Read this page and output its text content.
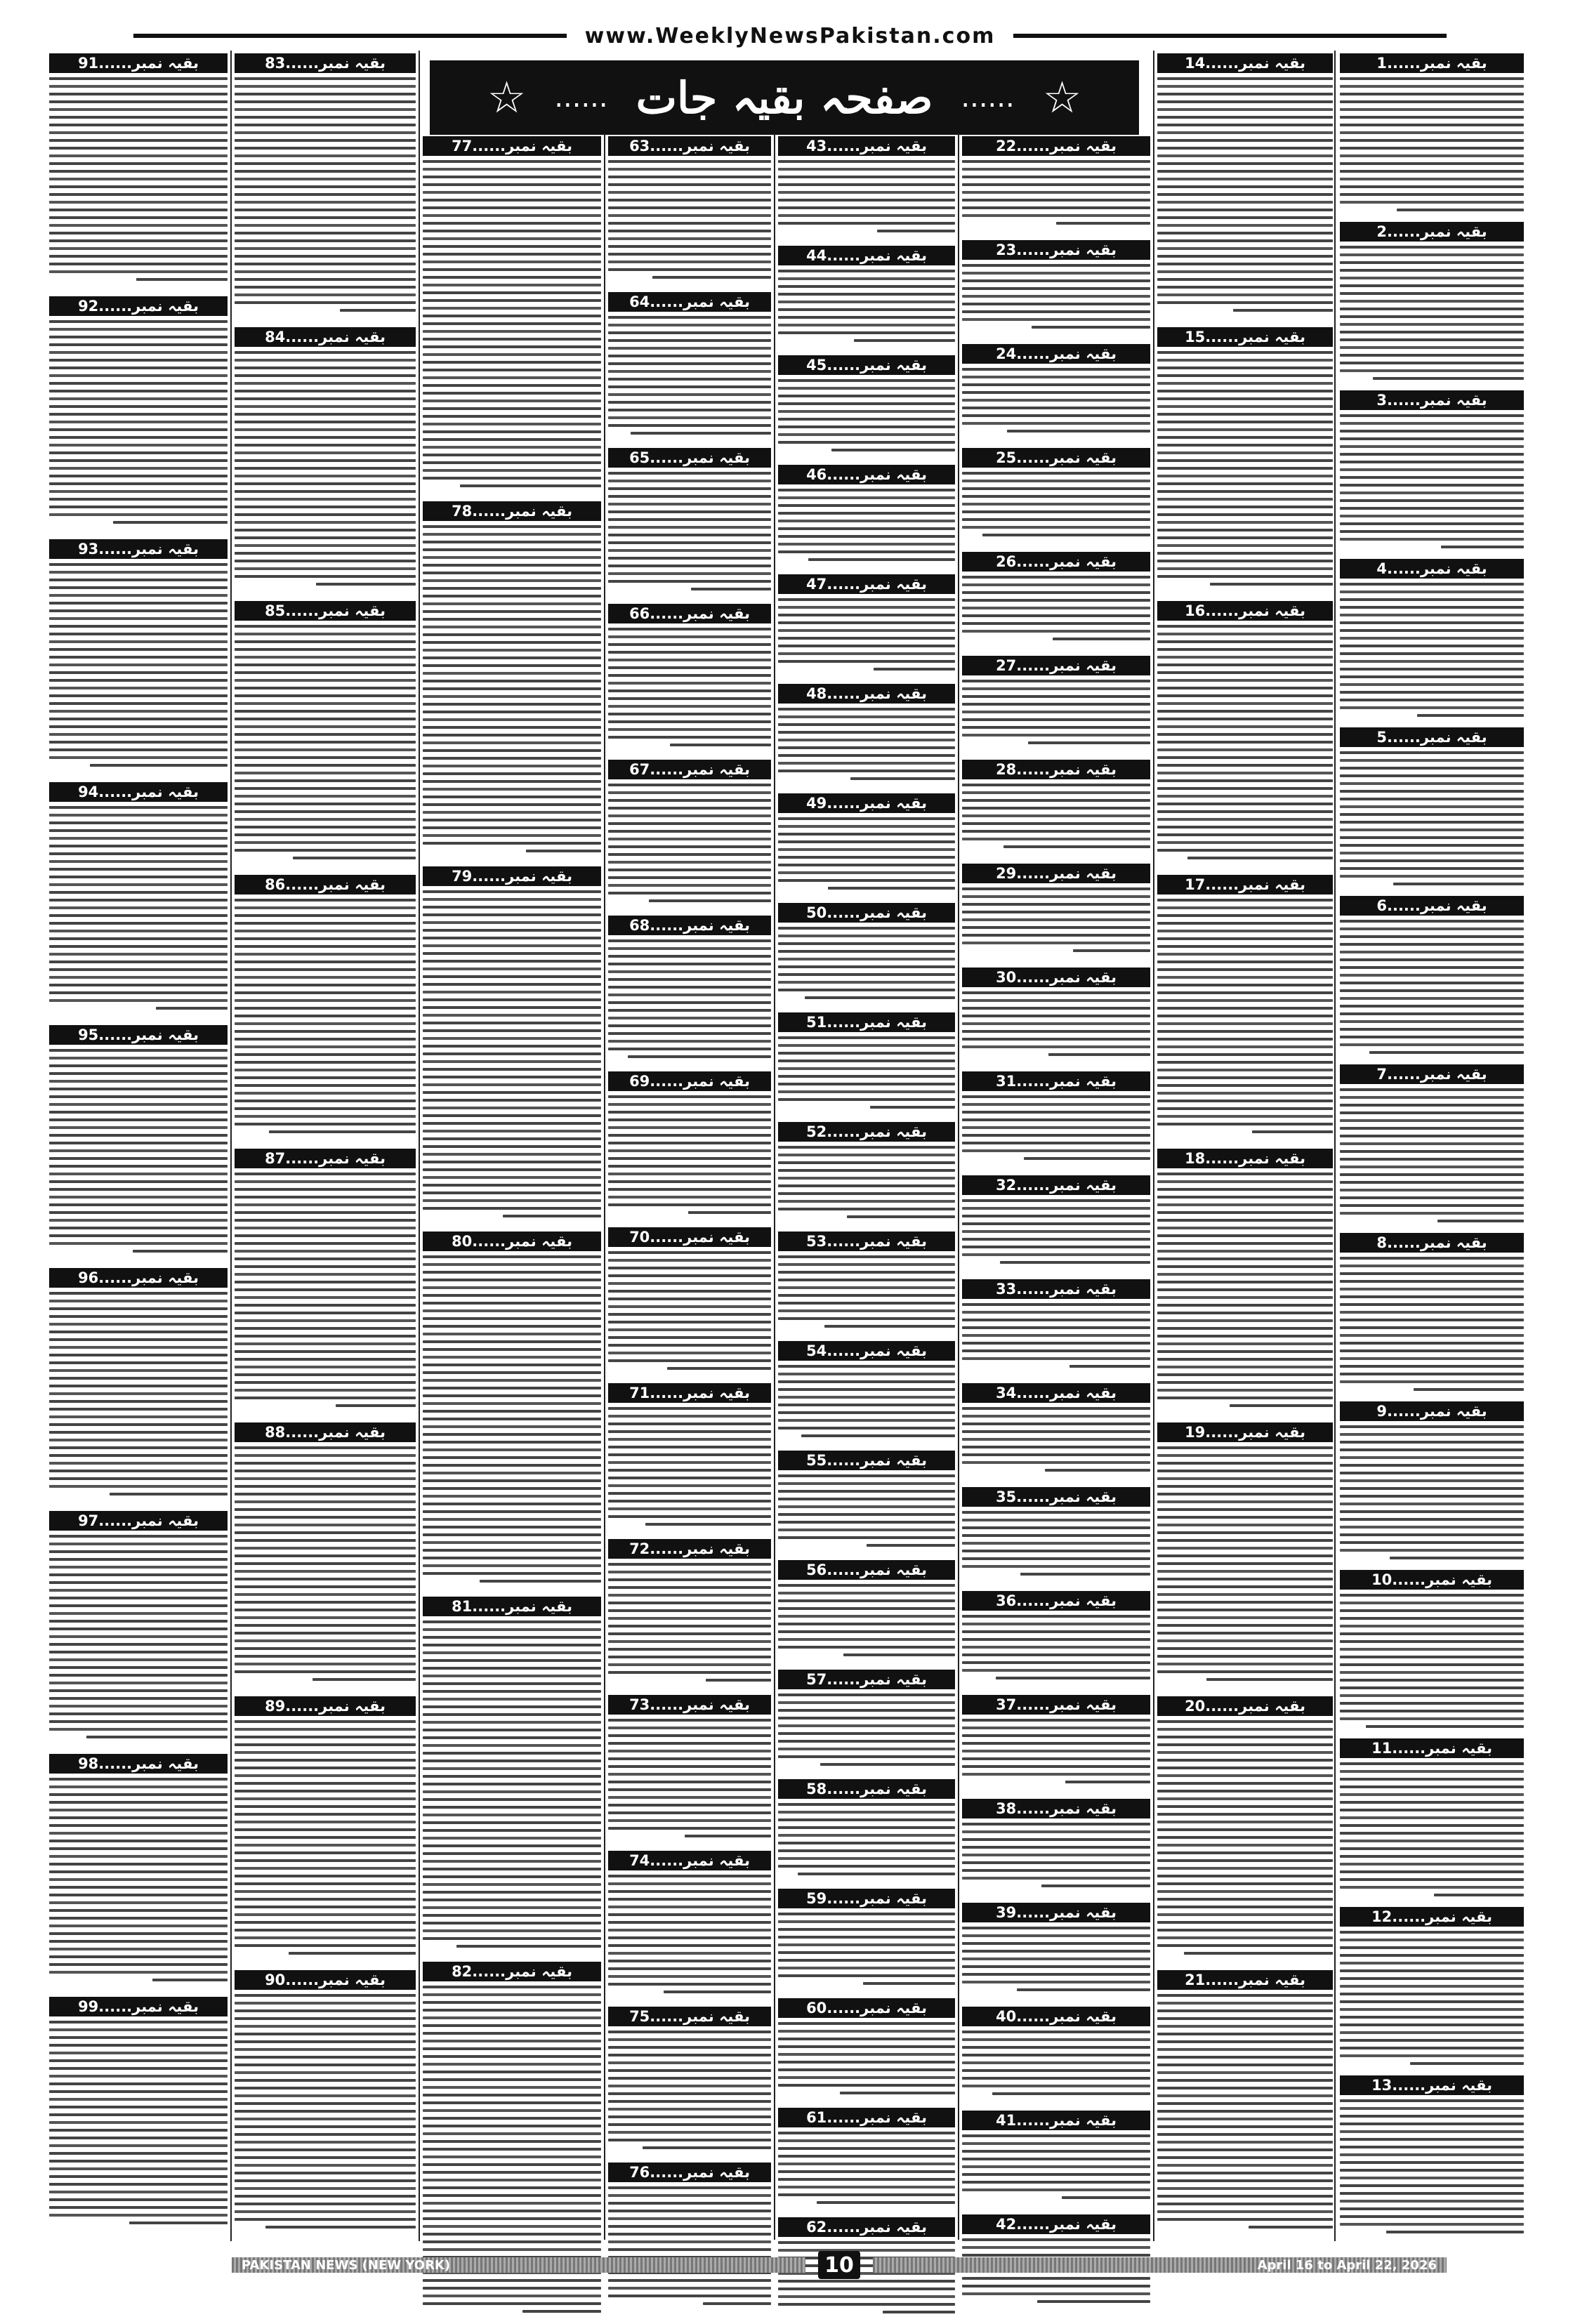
www.WeeklyNewsPakistan.com
☆ ...... صفحہ بقیہ جات ...... ☆
بقیہ نمبر......1
بقیہ نمبر......2
بقیہ نمبر......3
بقیہ نمبر......4
بقیہ نمبر......5
بقیہ نمبر......6
بقیہ نمبر......7
بقیہ نمبر......8
بقیہ نمبر......9
بقیہ نمبر......10
بقیہ نمبر......11
بقیہ نمبر......12
بقیہ نمبر......13
بقیہ نمبر......14
بقیہ نمبر......15
بقیہ نمبر......16
بقیہ نمبر......17
بقیہ نمبر......18
بقیہ نمبر......19
بقیہ نمبر......20
بقیہ نمبر......21
بقیہ نمبر......22
بقیہ نمبر......23
بقیہ نمبر......24
بقیہ نمبر......25
بقیہ نمبر......26
بقیہ نمبر......27
بقیہ نمبر......28
بقیہ نمبر......29
بقیہ نمبر......30
بقیہ نمبر......31
بقیہ نمبر......32
بقیہ نمبر......33
بقیہ نمبر......34
بقیہ نمبر......35
بقیہ نمبر......36
بقیہ نمبر......37
بقیہ نمبر......38
بقیہ نمبر......39
بقیہ نمبر......40
بقیہ نمبر......41
بقیہ نمبر......42
بقیہ نمبر......43
بقیہ نمبر......44
بقیہ نمبر......45
بقیہ نمبر......46
بقیہ نمبر......47
بقیہ نمبر......48
بقیہ نمبر......49
بقیہ نمبر......50
بقیہ نمبر......51
بقیہ نمبر......52
بقیہ نمبر......53
بقیہ نمبر......54
بقیہ نمبر......55
بقیہ نمبر......56
بقیہ نمبر......57
بقیہ نمبر......58
بقیہ نمبر......59
بقیہ نمبر......60
بقیہ نمبر......61
بقیہ نمبر......62
بقیہ نمبر......63
بقیہ نمبر......64
بقیہ نمبر......65
بقیہ نمبر......66
بقیہ نمبر......67
بقیہ نمبر......68
بقیہ نمبر......69
بقیہ نمبر......70
بقیہ نمبر......71
بقیہ نمبر......72
بقیہ نمبر......73
بقیہ نمبر......74
بقیہ نمبر......75
بقیہ نمبر......76
بقیہ نمبر......77
بقیہ نمبر......78
بقیہ نمبر......79
بقیہ نمبر......80
بقیہ نمبر......81
بقیہ نمبر......82
بقیہ نمبر......83
بقیہ نمبر......84
بقیہ نمبر......85
بقیہ نمبر......86
بقیہ نمبر......87
بقیہ نمبر......88
بقیہ نمبر......89
بقیہ نمبر......90
بقیہ نمبر......91
بقیہ نمبر......92
بقیہ نمبر......93
بقیہ نمبر......94
بقیہ نمبر......95
بقیہ نمبر......96
بقیہ نمبر......97
بقیہ نمبر......98
بقیہ نمبر......99
PAKISTAN NEWS (NEW YORK)	10	April 16 to April 22, 2026
